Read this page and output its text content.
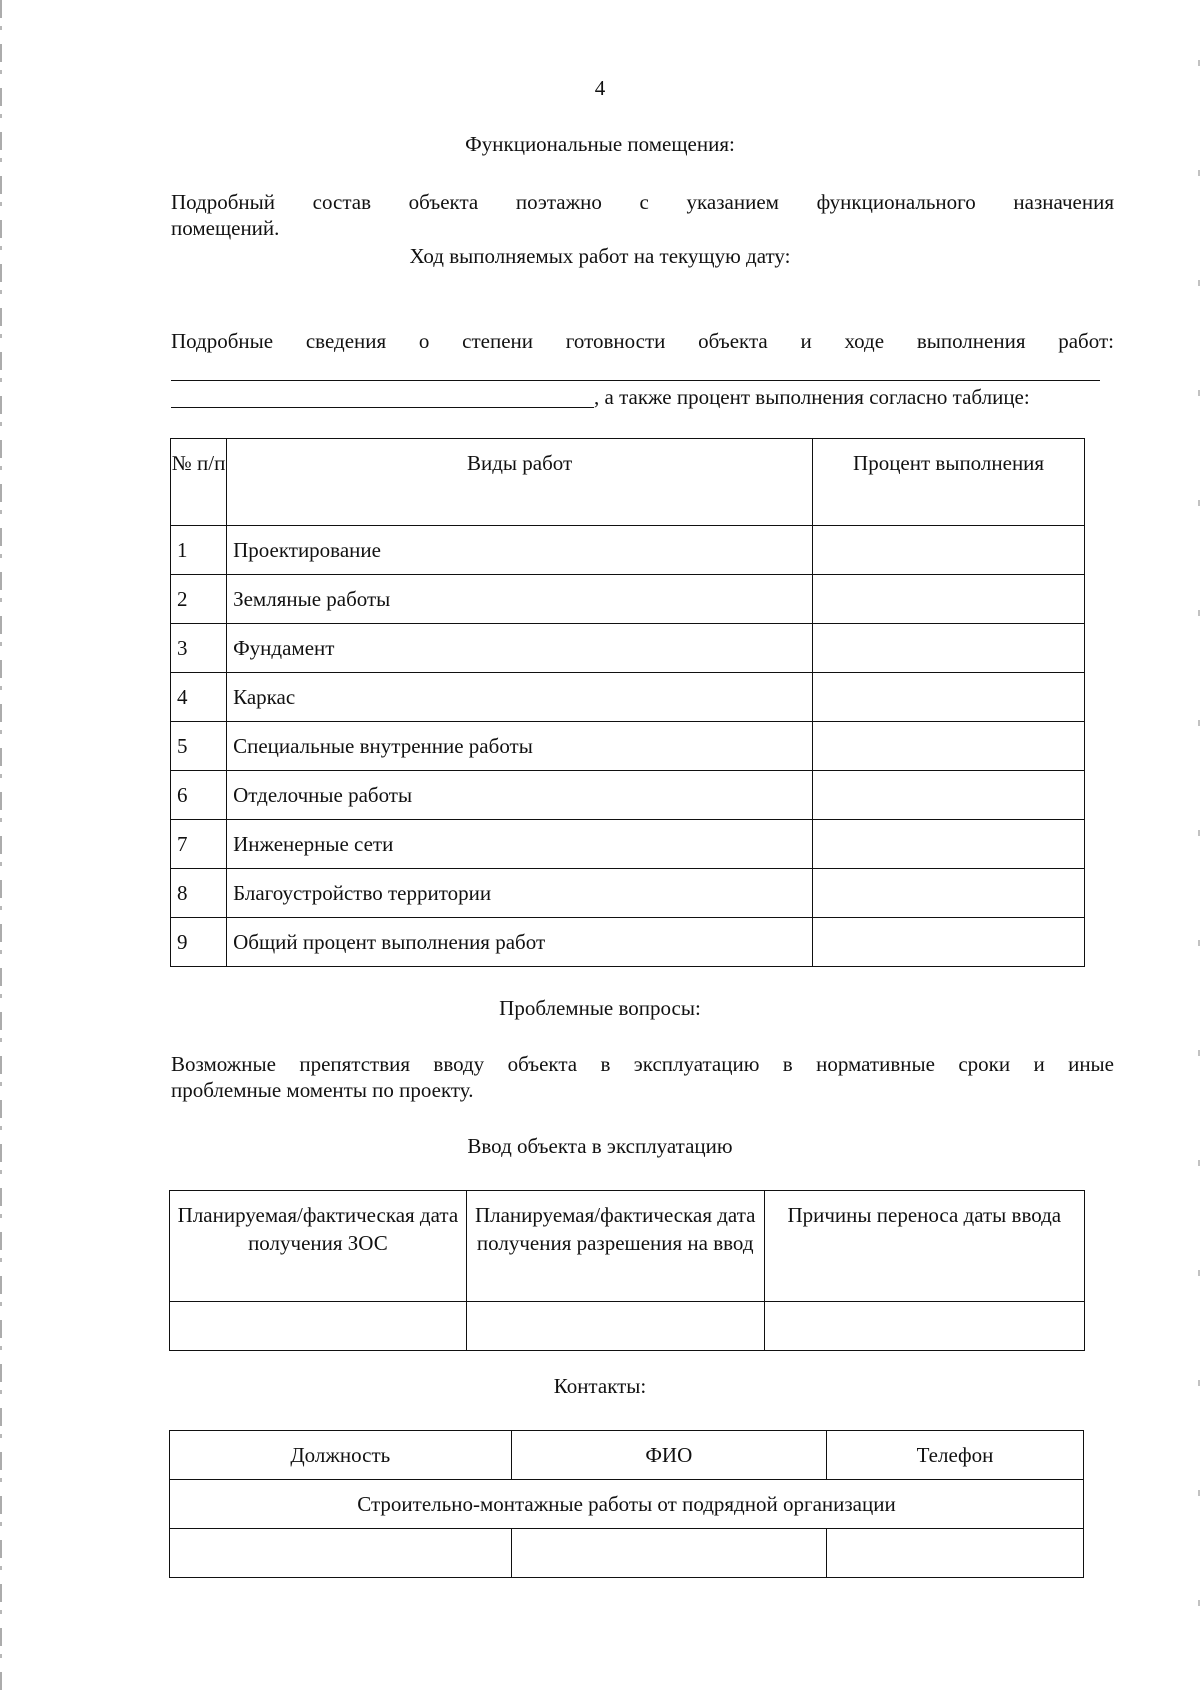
4
Функциональные помещения:
Подробный состав объекта поэтажно с указанием функционального назначения
помещений.
Ход выполняемых работ на текущую дату:
Подробные сведения о степени готовности объекта и ходе выполнения работ:
, а также процент выполнения согласно таблице:
№ п/п	Виды работ	Процент выполнения
1	Проектирование	
2	Земляные работы	
3	Фундамент	
4	Каркас	
5	Специальные внутренние работы	
6	Отделочные работы	
7	Инженерные сети	
8	Благоустройство территории	
9	Общий процент выполнения работ	
Проблемные вопросы:
Возможные препятствия вводу объекта в эксплуатацию в нормативные сроки и иные
проблемные моменты по проекту.
Ввод объекта в эксплуатацию
Планируемая/фактическая дата получения ЗОС	Планируемая/фактическая дата получения разрешения на ввод	Причины переноса даты ввода

Контакты:
Должность	ФИО	Телефон
Строительно-монтажные работы от подрядной организации		
